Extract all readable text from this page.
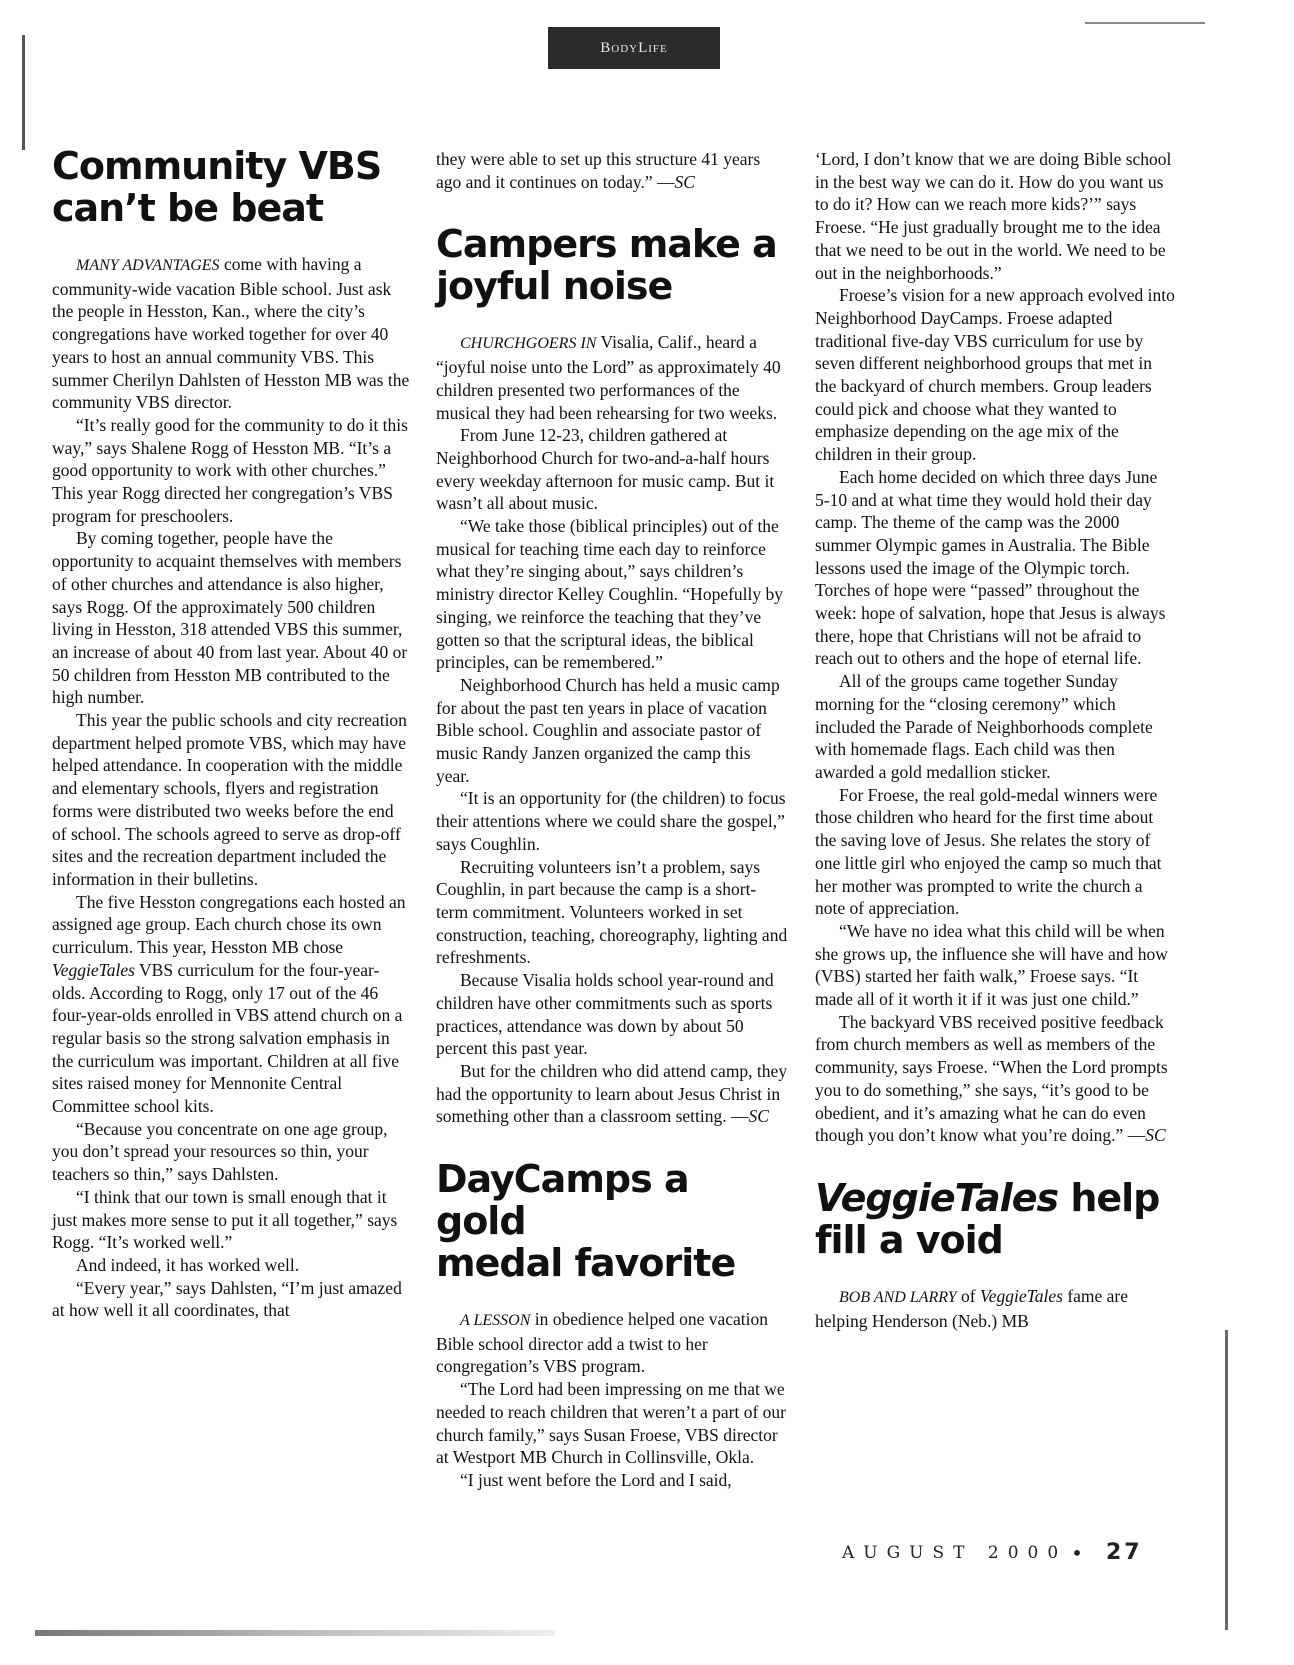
BodyLife
Community VBS
can’t be beat

MANY ADVANTAGES come with having a community-wide vacation Bible school. Just ask the people in Hesston, Kan., where the city’s congregations have worked together for over 40 years to host an annual community VBS. This summer Cherilyn Dahlsten of Hesston MB was the community VBS director.

“It’s really good for the community to do it this way,” says Shalene Rogg of Hesston MB. “It’s a good opportunity to work with other churches.” This year Rogg directed her congregation’s VBS program for preschoolers.

By coming together, people have the opportunity to acquaint themselves with members of other churches and attendance is also higher, says Rogg. Of the approximately 500 children living in Hesston, 318 attended VBS this summer, an increase of about 40 from last year. About 40 or 50 children from Hesston MB contributed to the high number.

This year the public schools and city recreation department helped promote VBS, which may have helped attendance. In cooperation with the middle and elementary schools, flyers and registration forms were distributed two weeks before the end of school. The schools agreed to serve as drop-off sites and the recreation department included the information in their bulletins.

The five Hesston congregations each hosted an assigned age group. Each church chose its own curriculum. This year, Hesston MB chose VeggieTales VBS curriculum for the four-year-olds. According to Rogg, only 17 out of the 46 four-year-olds enrolled in VBS attend church on a regular basis so the strong salvation emphasis in the curriculum was important. Children at all five sites raised money for Mennonite Central Committee school kits.

“Because you concentrate on one age group, you don’t spread your resources so thin, your teachers so thin,” says Dahlsten.

“I think that our town is small enough that it just makes more sense to put it all together,” says Rogg. “It’s worked well.”

And indeed, it has worked well.

“Every year,” says Dahlsten, “I’m just amazed at how well it all coordinates, that

they were able to set up this structure 41 years ago and it continues on today.” —SC

Campers make a
joyful noise

CHURCHGOERS IN Visalia, Calif., heard a “joyful noise unto the Lord” as approximately 40 children presented two performances of the musical they had been rehearsing for two weeks.

From June 12-23, children gathered at Neighborhood Church for two-and-a-half hours every weekday afternoon for music camp. But it wasn’t all about music.

“We take those (biblical principles) out of the musical for teaching time each day to reinforce what they’re singing about,” says children’s ministry director Kelley Coughlin. “Hopefully by singing, we reinforce the teaching that they’ve gotten so that the scriptural ideas, the biblical principles, can be remembered.”

Neighborhood Church has held a music camp for about the past ten years in place of vacation Bible school. Coughlin and associate pastor of music Randy Janzen organized the camp this year.

“It is an opportunity for (the children) to focus their attentions where we could share the gospel,” says Coughlin.

Recruiting volunteers isn’t a problem, says Coughlin, in part because the camp is a short-term commitment. Volunteers worked in set construction, teaching, choreography, lighting and refreshments.

Because Visalia holds school year-round and children have other commitments such as sports practices, attendance was down by about 50 percent this past year.

But for the children who did attend camp, they had the opportunity to learn about Jesus Christ in something other than a classroom setting. —SC

DayCamps a gold
medal favorite

A LESSON in obedience helped one vacation Bible school director add a twist to her congregation’s VBS program.

“The Lord had been impressing on me that we needed to reach children that weren’t a part of our church family,” says Susan Froese, VBS director at Westport MB Church in Collinsville, Okla.

“I just went before the Lord and I said,

‘Lord, I don’t know that we are doing Bible school in the best way we can do it. How do you want us to do it? How can we reach more kids?’” says Froese. “He just gradually brought me to the idea that we need to be out in the world. We need to be out in the neighborhoods.”

Froese’s vision for a new approach evolved into Neighborhood DayCamps. Froese adapted traditional five-day VBS curriculum for use by seven different neighborhood groups that met in the backyard of church members. Group leaders could pick and choose what they wanted to emphasize depending on the age mix of the children in their group.

Each home decided on which three days June 5-10 and at what time they would hold their day camp. The theme of the camp was the 2000 summer Olympic games in Australia. The Bible lessons used the image of the Olympic torch. Torches of hope were “passed” throughout the week: hope of salvation, hope that Jesus is always there, hope that Christians will not be afraid to reach out to others and the hope of eternal life.

All of the groups came together Sunday morning for the “closing ceremony” which included the Parade of Neighborhoods complete with homemade flags. Each child was then awarded a gold medallion sticker.

For Froese, the real gold-medal winners were those children who heard for the first time about the saving love of Jesus. She relates the story of one little girl who enjoyed the camp so much that her mother was prompted to write the church a note of appreciation.

“We have no idea what this child will be when she grows up, the influence she will have and how (VBS) started her faith walk,” Froese says. “It made all of it worth it if it was just one child.”

The backyard VBS received positive feedback from church members as well as members of the community, says Froese. “When the Lord prompts you to do something,” she says, “it’s good to be obedient, and it’s amazing what he can do even though you don’t know what you’re doing.” —SC

VeggieTales help
fill a void

BOB AND LARRY of VeggieTales fame are helping Henderson (Neb.) MB

AUGUST 2000 • 27
